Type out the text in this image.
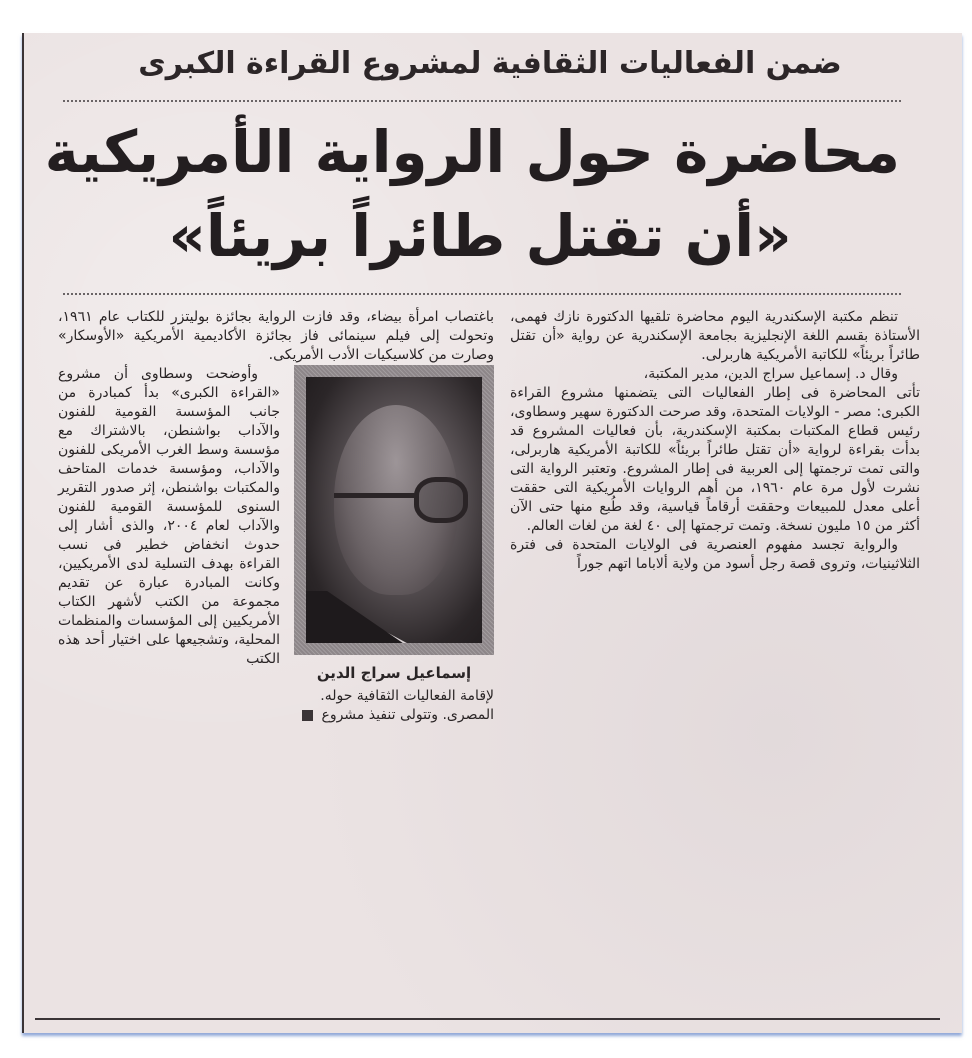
ضمن الفعاليات الثقافية لمشروع القراءة الكبرى
محاضرة حول الرواية الأمريكية
«أن تقتل طائراً بريئاً»

تنظم مكتبة الإسكندرية اليوم محاضرة تلقيها الدكتورة نازك فهمى، الأستاذة بقسم اللغة الإنجليزية بجامعة الإسكندرية عن رواية «أن تقتل طائراً بريئاً» للكاتبة الأمريكية هاربرلى.

وقال د. إسماعيل سراج الدين، مدير المكتبة،

تأتى المحاضرة فى إطار الفعاليات التى يتضمنها مشروع القراءة الكبرى: مصر - الولايات المتحدة، وقد صرحت الدكتورة سهير وسطاوى، رئيس قطاع المكتبات بمكتبة الإسكندرية، بأن فعاليات المشروع قد بدأت بقراءة لرواية «أن تقتل طائراً بريئاً» للكاتبة الأمريكية هاربرلى، والتى تمت ترجمتها إلى العربية فى إطار المشروع. وتعتبر الرواية التى نشرت لأول مرة عام ١٩٦٠، من أهم الروايات الأمريكية التى حققت أعلى معدل للمبيعات وحققت أرقاماً قياسية، وقد طُبع منها حتى الآن أكثر من ١٥ مليون نسخة. وتمت ترجمتها إلى ٤٠ لغة من لغات العالم.

والرواية تجسد مفهوم العنصرية فى الولايات المتحدة فى فترة الثلاثينيات، وتروى قصة رجل أسود من ولاية ألاباما اتهم جوراً

باغتصاب امرأة بيضاء، وقد فازت الرواية بجائزة بوليتزر للكتاب عام ١٩٦١، وتحولت إلى فيلم سينمائى فاز بجائزة الأكاديمية الأمريكية «الأوسكار» وصارت من كلاسيكيات الأدب الأمريكى.

وأوضحت وسطاوى أن مشروع «القراءة الكبرى» بدأ كمبادرة من جانب المؤسسة القومية للفنون والآداب بواشنطن، بالاشتراك مع مؤسسة وسط الغرب الأمريكى للفنون والآداب، ومؤسسة خدمات المتاحف والمكتبات بواشنطن، إثر صدور التقرير السنوى للمؤسسة القومية للفنون والآداب لعام ٢٠٠٤، والذى أشار إلى حدوث انخفاض خطير فى نسب القراءة بهدف التسلية لدى الأمريكيين، وكانت المبادرة عبارة عن تقديم مجموعة من الكتب لأشهر الكتاب الأمريكيين إلى المؤسسات والمنظمات المحلية، وتشجيعها على اختيار أحد هذه الكتب

إسماعيل سراج الدين

لإقامة الفعاليات الثقافية حوله.

المصرى. وتتولى تنفيذ مشروع
